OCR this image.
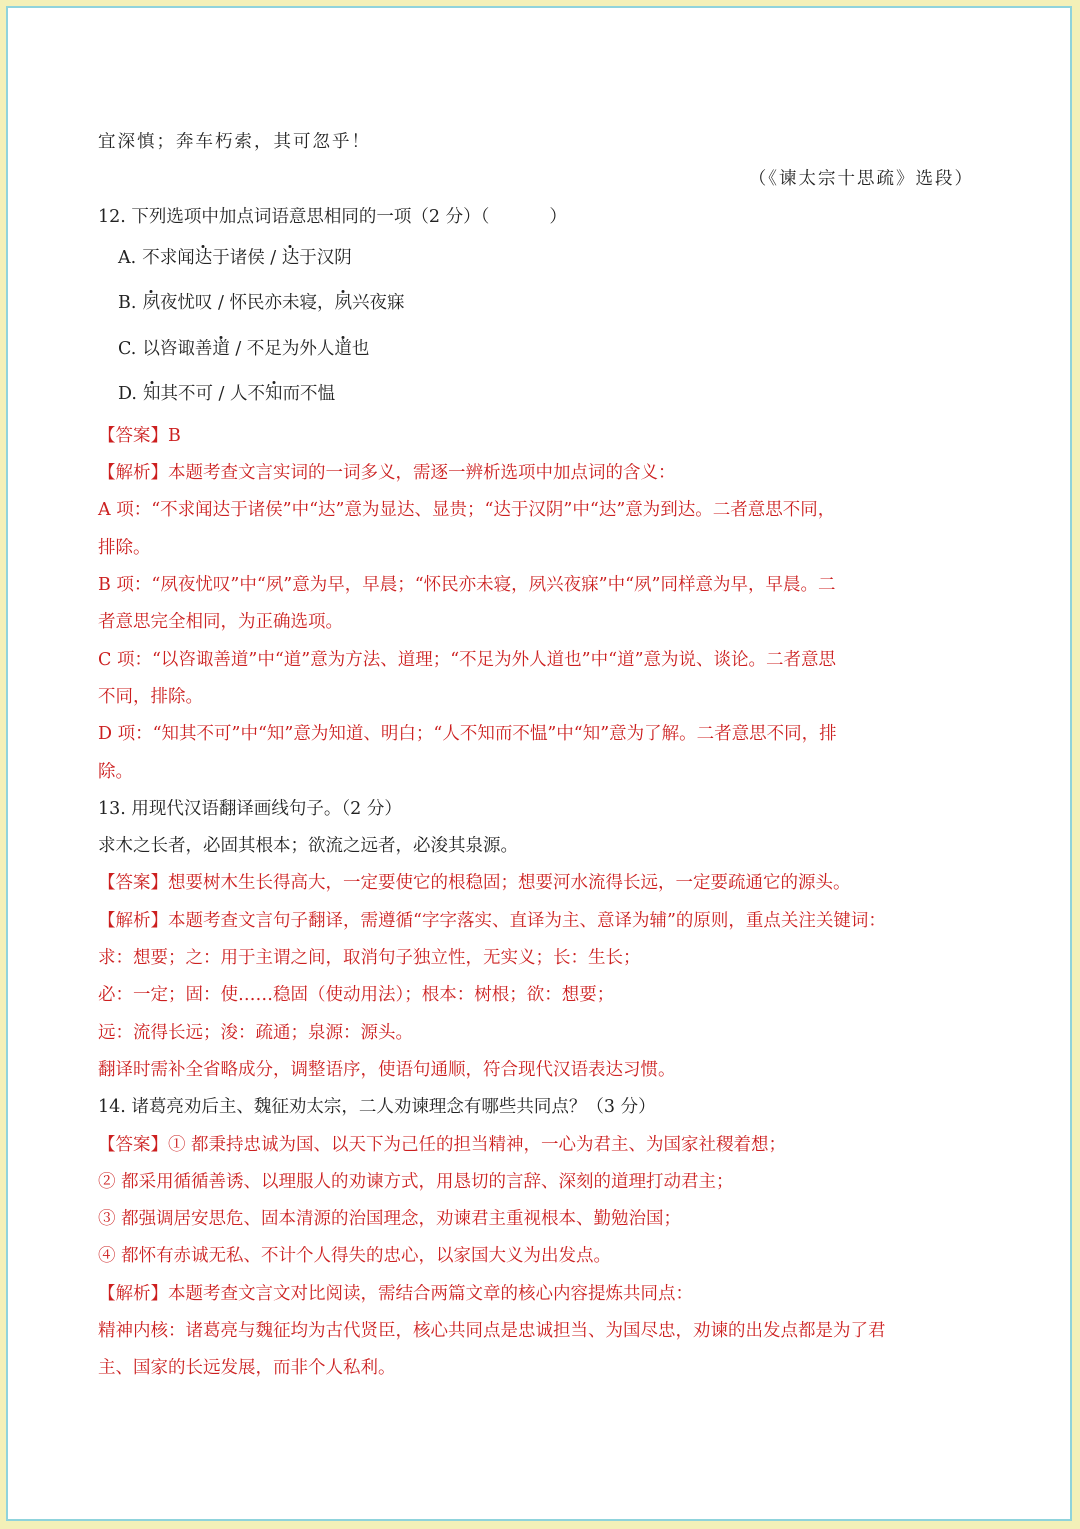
宜深慎；奔车朽索，其可忽乎！
（《谏太宗十思疏》选段）
12. 下列选项中加点词语意思相同的一项（2 分）（	）
A. 不求闻达于诸侯 / 达于汉阴
B. 夙夜忧叹 / 怀民亦未寝，夙兴夜寐
C. 以咨诹善道 / 不足为外人道也
D. 知其不可 / 人不知而不愠
【答案】B
【解析】本题考查文言实词的一词多义，需逐一辨析选项中加点词的含义：
A 项：“不求闻达于诸侯”中“达”意为显达、显贵；“达于汉阴”中“达”意为到达。二者意思不同，
排除。
B 项：“夙夜忧叹”中“夙”意为早，早晨；“怀民亦未寝，夙兴夜寐”中“夙”同样意为早，早晨。二
者意思完全相同，为正确选项。
C 项：“以咨诹善道”中“道”意为方法、道理；“不足为外人道也”中“道”意为说、谈论。二者意思
不同，排除。
D 项：“知其不可”中“知”意为知道、明白；“人不知而不愠”中“知”意为了解。二者意思不同，排
除。
13. 用现代汉语翻译画线句子。（2 分）
求木之长者，必固其根本；欲流之远者，必浚其泉源。
【答案】想要树木生长得高大，一定要使它的根稳固；想要河水流得长远，一定要疏通它的源头。
【解析】本题考查文言句子翻译，需遵循“字字落实、直译为主、意译为辅”的原则，重点关注关键词：
求：想要；之：用于主谓之间，取消句子独立性，无实义；长：生长；
必：一定；固：使……稳固（使动用法）；根本：树根；欲：想要；
远：流得长远；浚：疏通；泉源：源头。
翻译时需补全省略成分，调整语序，使语句通顺，符合现代汉语表达习惯。
14. 诸葛亮劝后主、魏征劝太宗，二人劝谏理念有哪些共同点？（3 分）
【答案】① 都秉持忠诚为国、以天下为己任的担当精神，一心为君主、为国家社稷着想；
② 都采用循循善诱、以理服人的劝谏方式，用恳切的言辞、深刻的道理打动君主；
③ 都强调居安思危、固本清源的治国理念，劝谏君主重视根本、勤勉治国；
④ 都怀有赤诚无私、不计个人得失的忠心，以家国大义为出发点。
【解析】本题考查文言文对比阅读，需结合两篇文章的核心内容提炼共同点：
精神内核：诸葛亮与魏征均为古代贤臣，核心共同点是忠诚担当、为国尽忠，劝谏的出发点都是为了君
主、国家的长远发展，而非个人私利。
